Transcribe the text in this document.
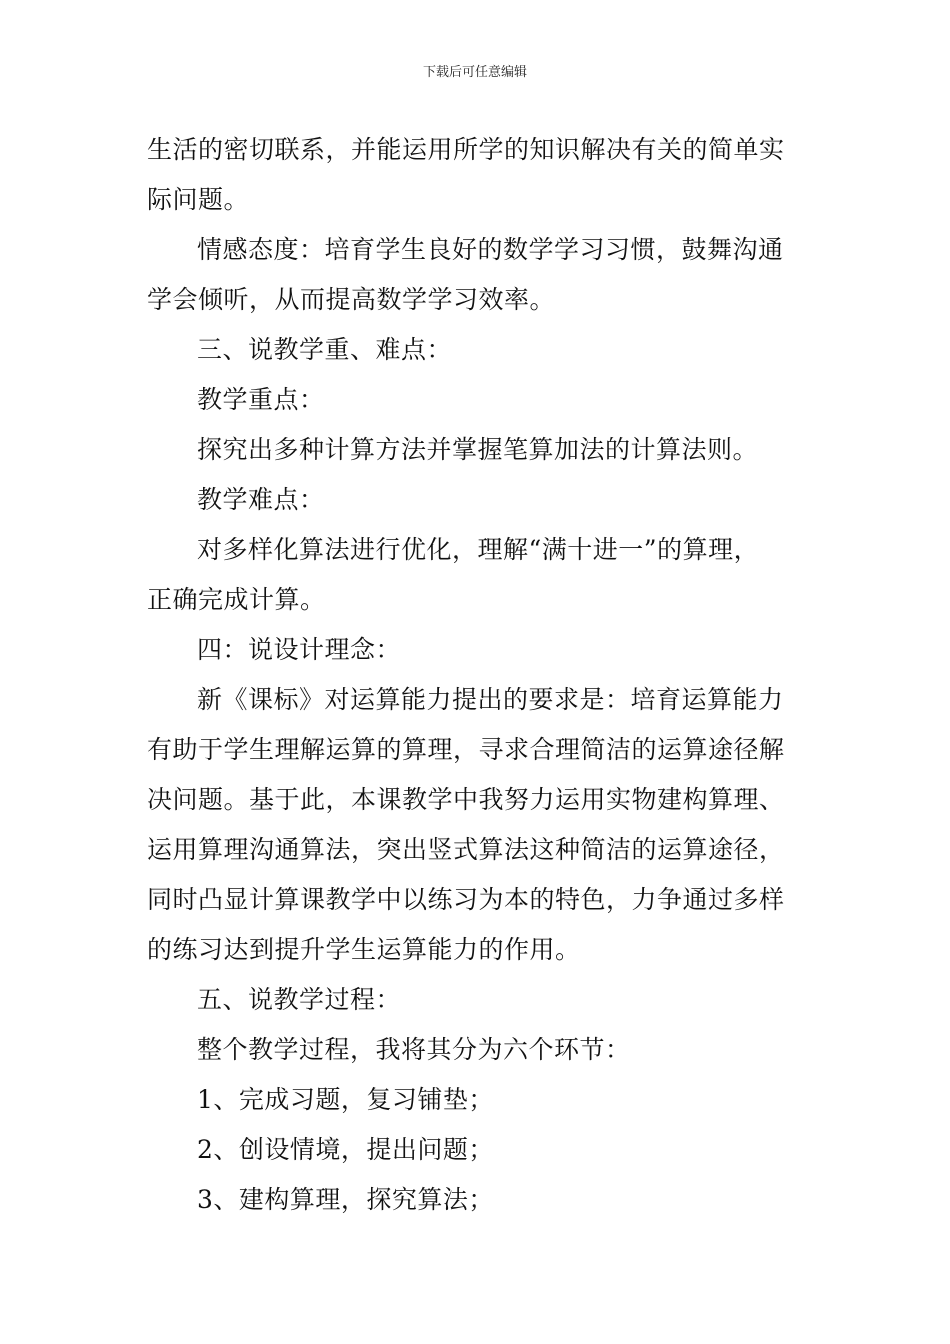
下载后可任意编辑
生活的密切联系，并能运用所学的知识解决有关的简单实
际问题。
情感态度：培育学生良好的数学学习习惯，鼓舞沟通
学会倾听，从而提高数学学习效率。
三、说教学重、难点：
教学重点：
探究出多种计算方法并掌握笔算加法的计算法则。
教学难点：
对多样化算法进行优化，理解“满十进一”的算理，
正确完成计算。
四：说设计理念：
新《课标》对运算能力提出的要求是：培育运算能力
有助于学生理解运算的算理，寻求合理简洁的运算途径解
决问题。基于此，本课教学中我努力运用实物建构算理、
运用算理沟通算法，突出竖式算法这种简洁的运算途径，
同时凸显计算课教学中以练习为本的特色，力争通过多样
的练习达到提升学生运算能力的作用。
五、说教学过程：
整个教学过程，我将其分为六个环节：
1、完成习题，复习铺垫；
2、创设情境，提出问题；
3、建构算理，探究算法；
